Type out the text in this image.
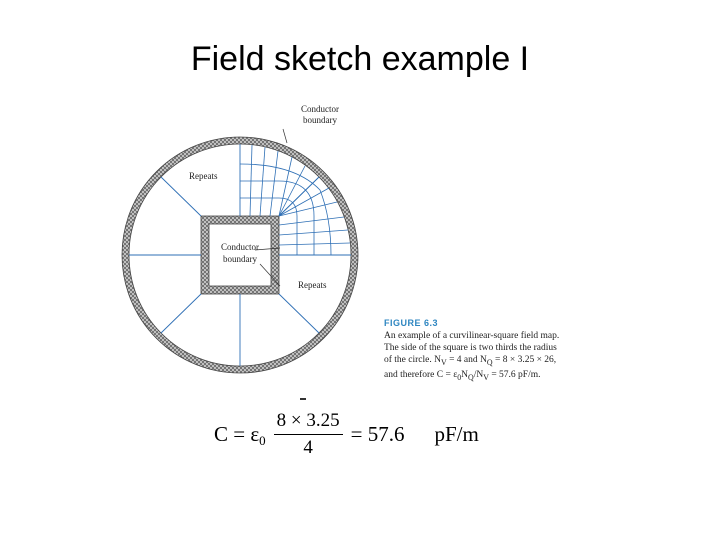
Field sketch example I
Conductor
boundary
Repeats
Conductor
boundary
Repeats
FIGURE 6.3
An example of a curvilinear-square field map.
The side of the square is two thirds the radius
of the circle. $N_V = 4$ and $N_Q = 8 \times 3.25 \times 26$,
and therefore $C = \varepsilon_0N_Q/N_V = 57.6$ pF/m.
C = ε $0 \frac{8 \times 3.25}{4} = 57.6$ pF/m
